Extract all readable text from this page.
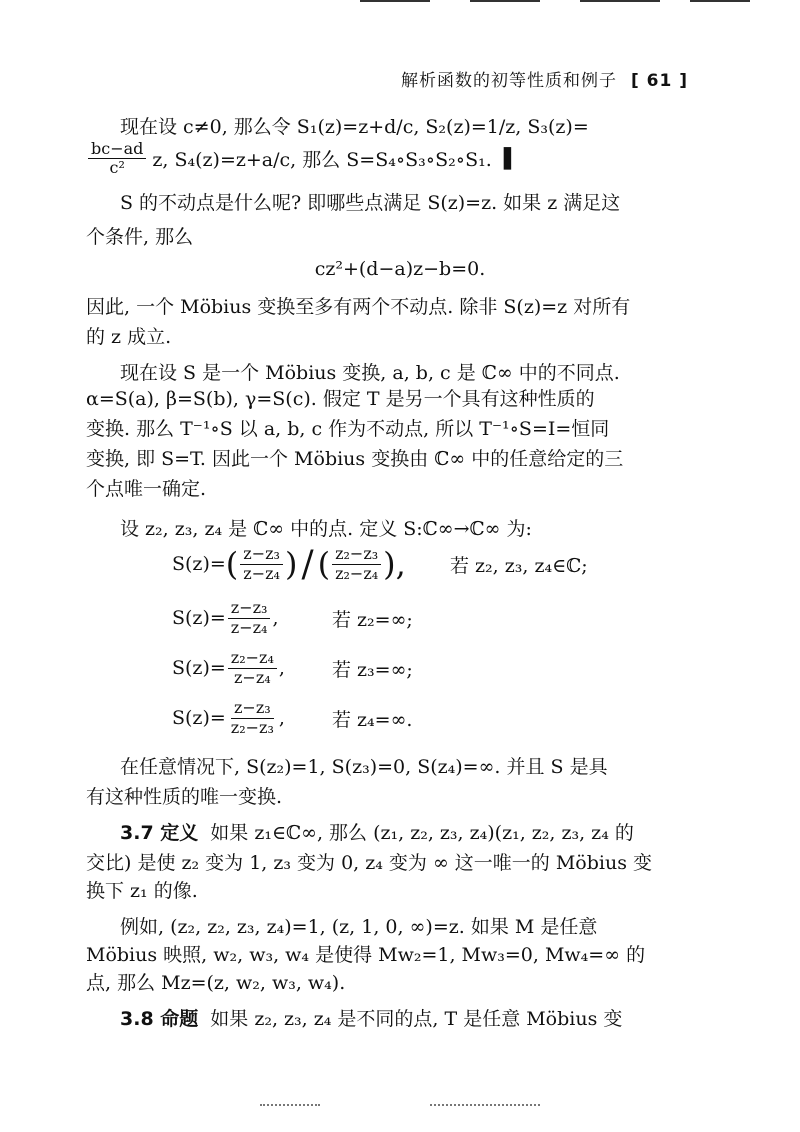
解析函数的初等性质和例子 [ 61 ]
现在设 c≠0, 那么令 S₁(z)=z+d/c, S₂(z)=1/z, S₃(z)=
$\frac{bc-ad}{\text{c²}} z$, S₄(z)=z+a/c, 那么 S=S₄∘S₃∘S₂∘S₁. ▌
S 的不动点是什么呢? 即哪些点满足 S(z)=z. 如果 z 满足这
个条件, 那么
cz²+(d−a)z−b=0.
因此, 一个 Möbius 变换至多有两个不动点. 除非 S(z)=z 对所有
的 z 成立.
现在设 S 是一个 Möbius 变换, a, b, c 是 ℂ∞ 中的不同点.
α=S(a), β=S(b), γ=S(c). 假定 T 是另一个具有这种性质的
变换. 那么 T⁻¹∘S 以 a, b, c 作为不动点, 所以 T⁻¹∘S=I=恒同
变换, 即 S=T. 因此一个 Möbius 变换由 ℂ∞ 中的任意给定的三
个点唯一确定.
设 z₂, z₃, z₄ 是 ℂ∞ 中的点. 定义 S:ℂ∞→ℂ∞ 为:
S(z)= ( $\frac{\text{z−z₃}}{\text{z−z₄}}$ ) / ( $\frac{\text{z₂−z₃}}{\text{z₂−z₄}}$ ), 若 z₂, z₃, z₄∈ℂ;
$S(z)= \frac{\text{z−z₃}}{\text{z−z₄}}$ ,	若 z₂=∞;
$S(z)= \frac{\text{z₂−z₄}}{\text{z−z₄}}$ , 若 z₃=∞;
$S(z)= \frac{\text{z−z₃}}{\text{z₂−z₃}}$ , 若 z₄=∞.
在任意情况下, S(z₂)=1, S(z₃)=0, S(z₄)=∞. 并且 S 是具
有这种性质的唯一变换.
3.7 定义 如果 z₁∈ℂ∞, 那么 (z₁, z₂, z₃, z₄)(z₁, z₂, z₃, z₄ 的
交比) 是使 z₂ 变为 1, z₃ 变为 0, z₄ 变为 ∞ 这一唯一的 Möbius 变
换下 z₁ 的像.
例如, (z₂, z₂, z₃, z₄)=1, (z, 1, 0, ∞)=z. 如果 M 是任意
Möbius 映照, w₂, w₃, w₄ 是使得 Mw₂=1, Mw₃=0, Mw₄=∞ 的
点, 那么 Mz=(z, w₂, w₃, w₄).
3.8 命题 如果 z₂, z₃, z₄ 是不同的点, T 是任意 Möbius 变
